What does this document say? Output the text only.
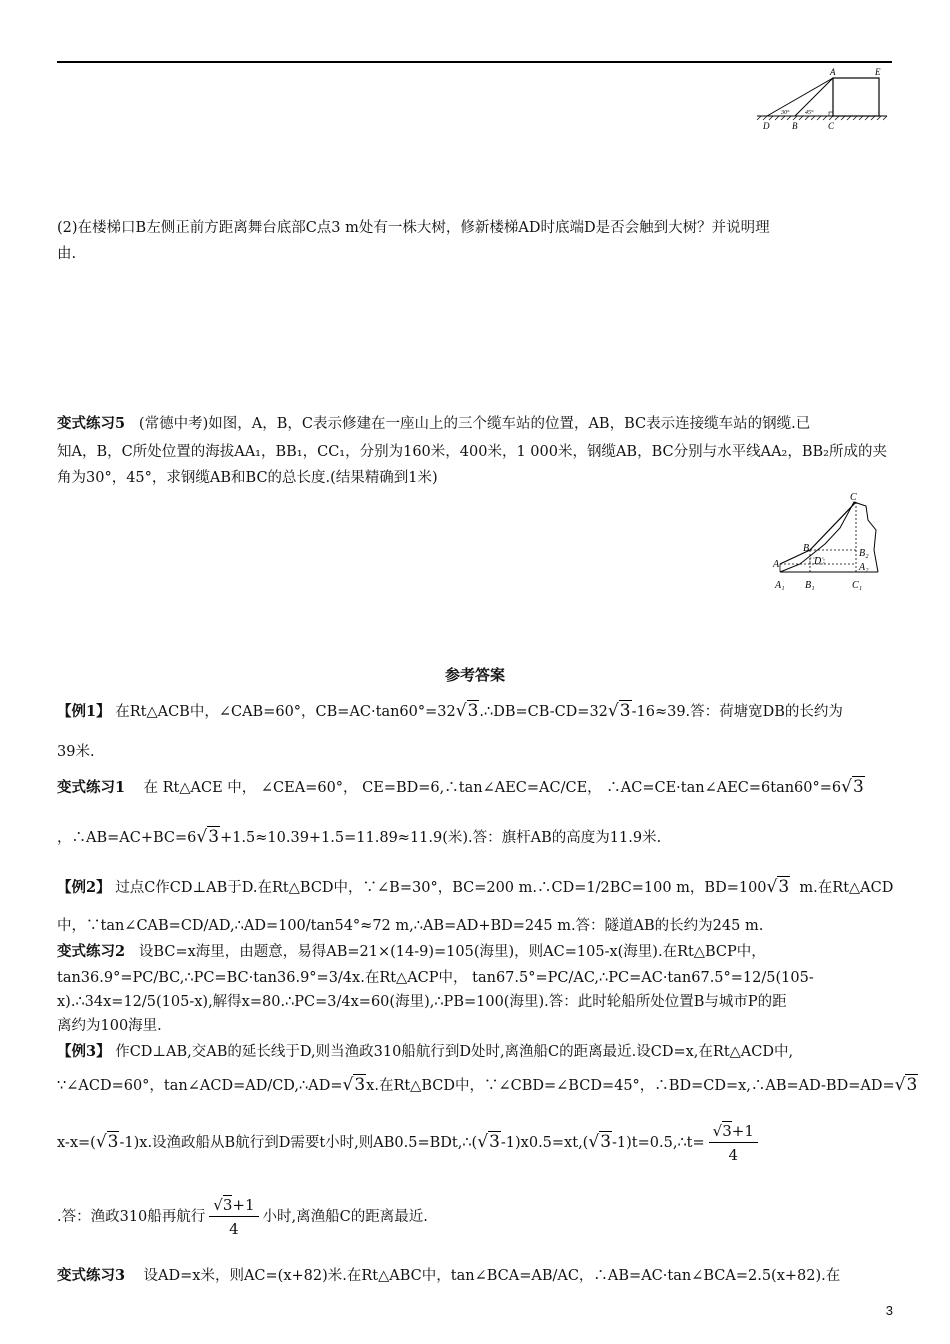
A	E
D	B	C
30°	45°
(2)在楼梯口B左侧正前方距离舞台底部C点3 m处有一株大树，修新楼梯AD时底端D是否会触到大树？并说明理
由.
变式练习5 (常德中考)如图，A，B，C表示修建在一座山上的三个缆车站的位置，AB，BC表示连接缆车站的钢缆.已
知A，B，C所处位置的海拔AA₁，BB₁，CC₁，分别为160米，400米，1 000米，钢缆AB，BC分别与水平线AA₂，BB₂所成的夹
角为30°，45°，求钢缆AB和BC的总长度.(结果精确到1米)
C
B
D
A
B₂
A₂
A₁ B₁	C₁
参考答案
【例1】 在Rt△ACB中，∠CAB=60°，CB=AC·tan60°=32√3.∴DB=CB-CD=32√3-16≈39.答：荷塘宽DB的长约为
39米.
变式练习1 在 Rt△ACE 中， ∠CEA=60°， CE=BD=6,∴tan∠AEC=AC/CE， ∴AC=CE·tan∠AEC=6tan60°=6√3
，∴AB=AC+BC=6√3+1.5≈10.39+1.5=11.89≈11.9(米).答：旗杆AB的高度为11.9米.
【例2】 过点C作CD⊥AB于D.在Rt△BCD中，∵∠B=30°，BC=200 m.∴CD=1/2BC=100 m，BD=100√3 m.在Rt△ACD
中，∵tan∠CAB=CD/AD,∴AD=100/tan54°≈72 m,∴AB=AD+BD=245 m.答：隧道AB的长约为245 m.
变式练习2 设BC=x海里，由题意，易得AB=21×(14-9)=105(海里)，则AC=105-x(海里).在Rt△BCP中，
tan36.9°=PC/BC,∴PC=BC·tan36.9°=3/4x.在Rt△ACP中， tan67.5°=PC/AC,∴PC=AC·tan67.5°=12/5(105-
x).∴34x=12/5(105-x),解得x=80.∴PC=3/4x=60(海里),∴PB=100(海里).答：此时轮船所处位置B与城市P的距
离约为100海里.
【例3】 作CD⊥AB,交AB的延长线于D,则当渔政310船航行到D处时,离渔船C的距离最近.设CD=x,在Rt△ACD中,
∵∠ACD=60°，tan∠ACD=AD/CD,∴AD=√3x.在Rt△BCD中，∵∠CBD=∠BCD=45°，∴BD=CD=x,∴AB=AD-BD=AD=√3
x-x=(√3-1)x.设渔政船从B航行到D需要t小时,则AB0.5=BDt,∴(√3-1)x0.5=xt,(√3-1)t=0.5,∴t= $\frac{√3+1}{4}$
.答：渔政310船再航行 $\frac{√3+1}{4}$ 小时,离渔船C的距离最近.
变式练习3 设AD=x米，则AC=(x+82)米.在Rt△ABC中，tan∠BCA=AB/AC，∴AB=AC·tan∠BCA=2.5(x+82).在
3
